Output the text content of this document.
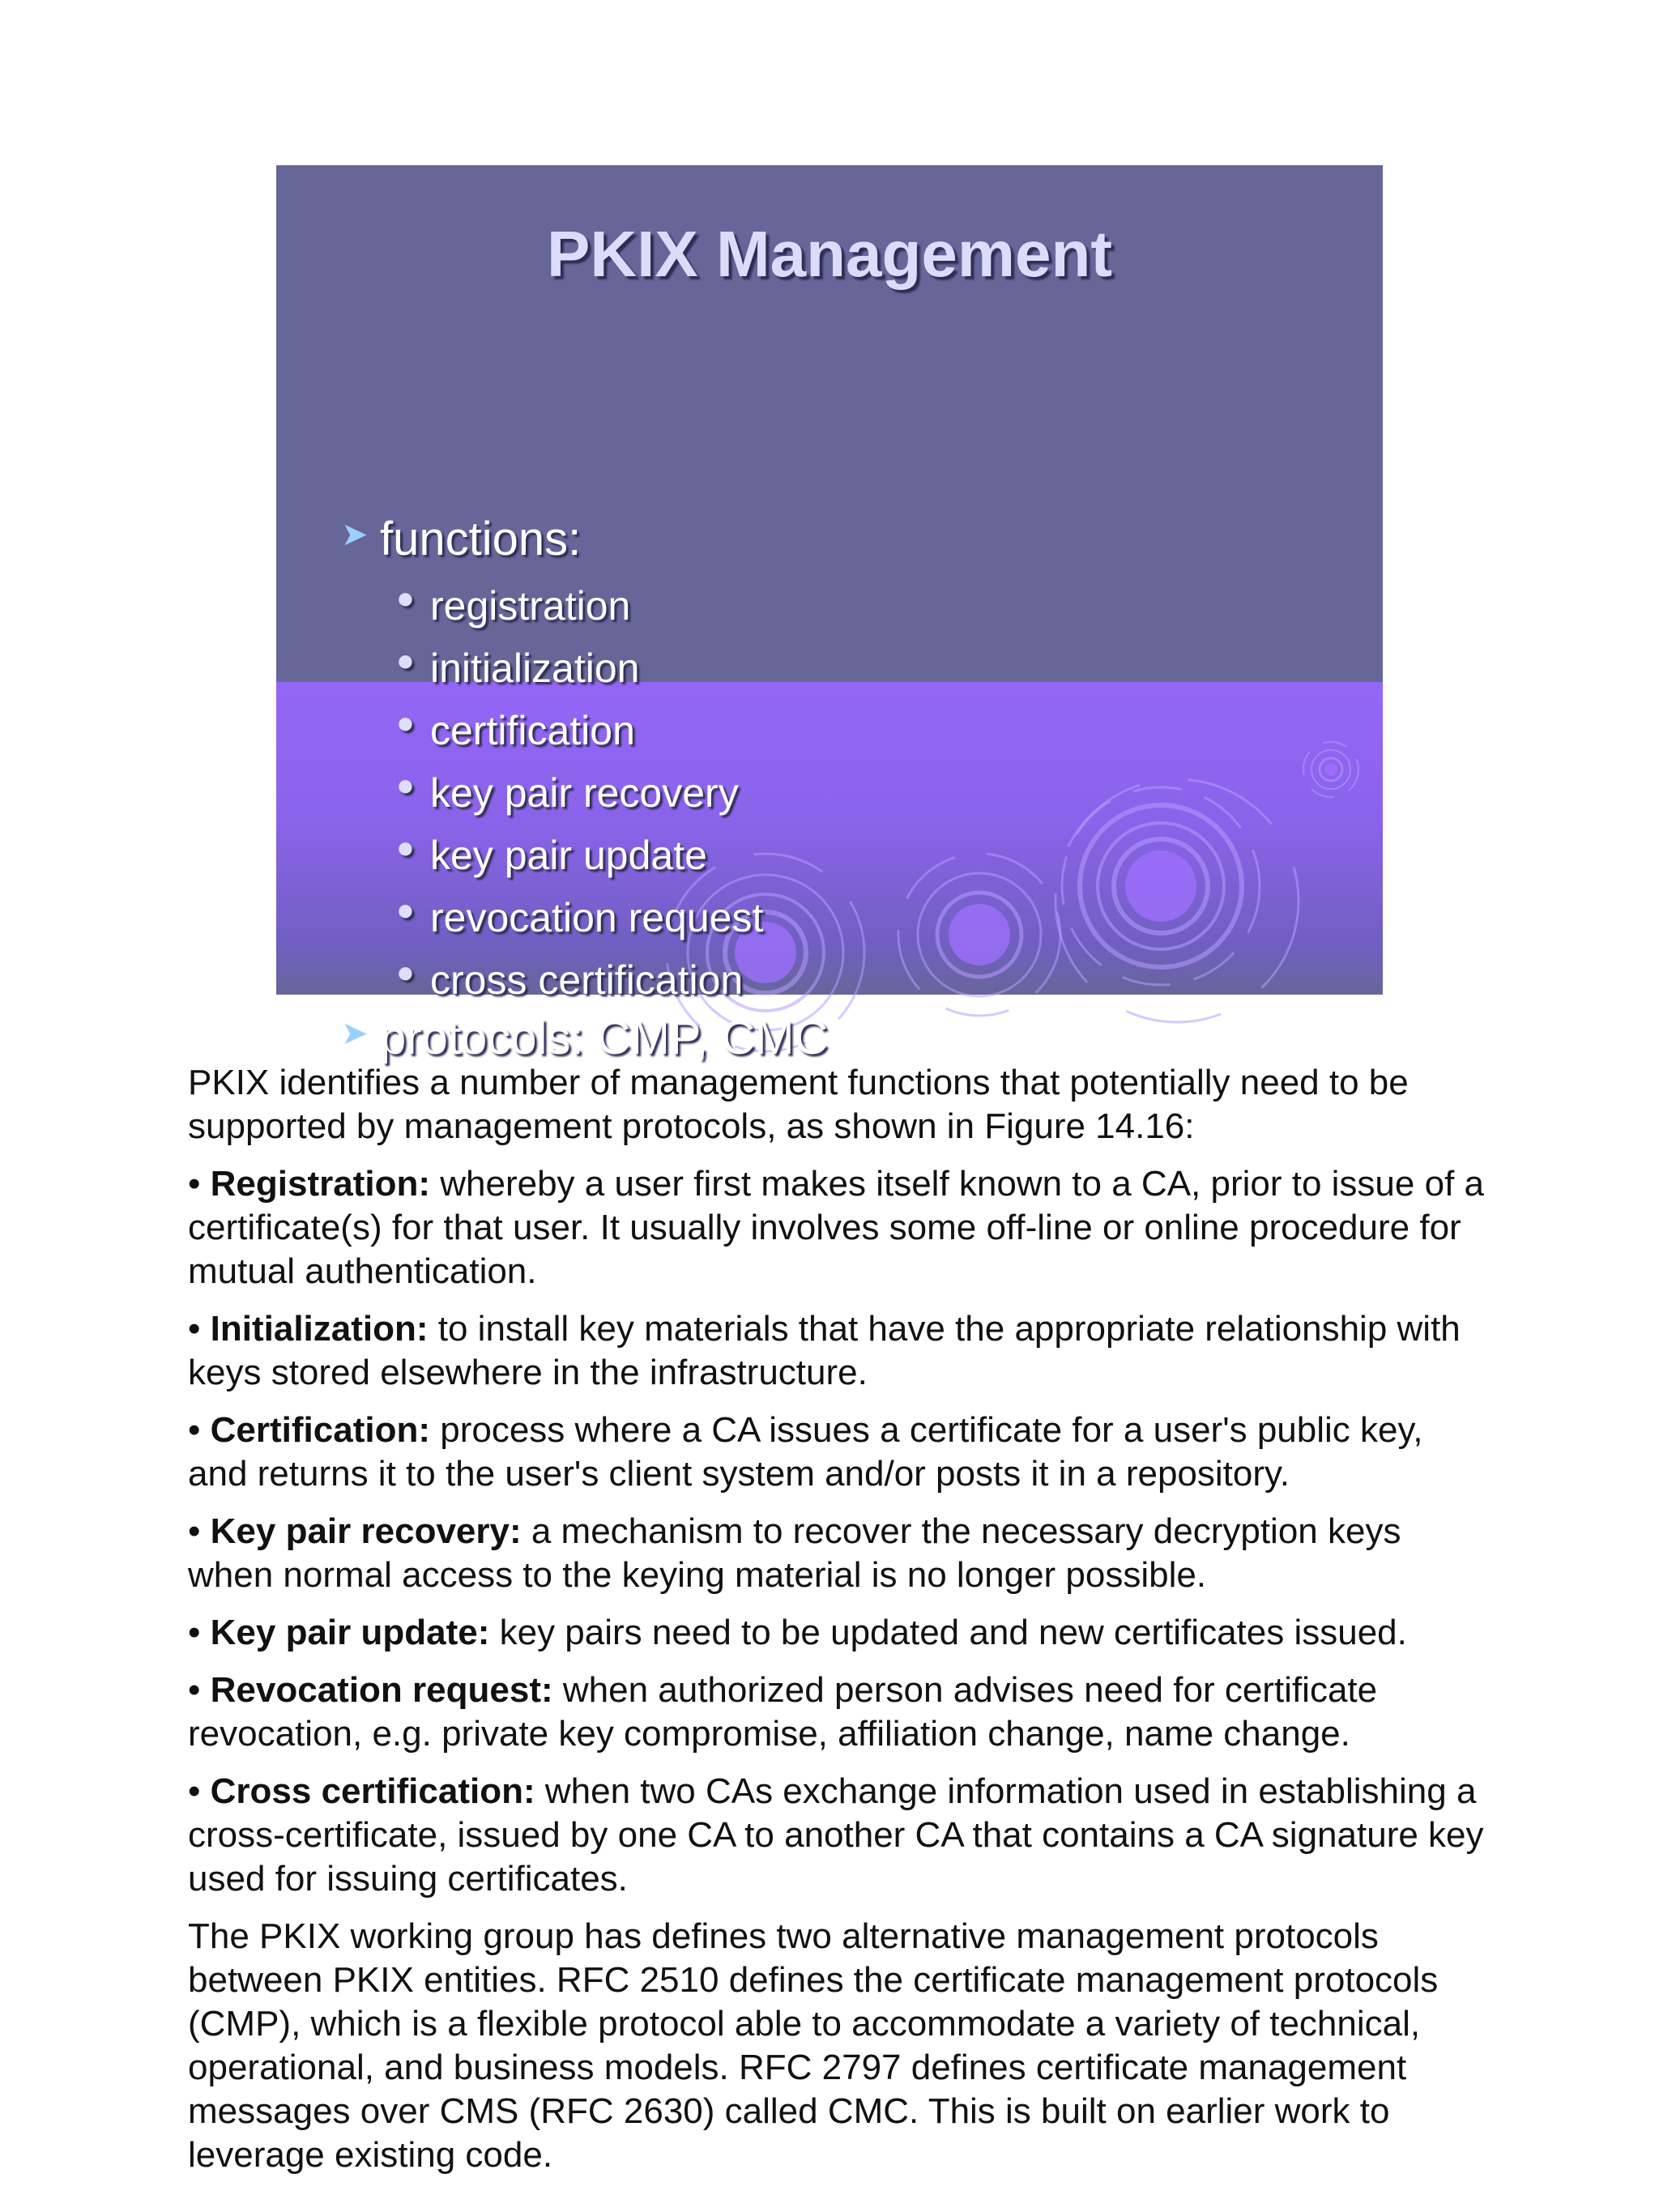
PKIX Management
➤ functions:
● registration
● initialization
● certification
● key pair recovery
● key pair update
● revocation request
● cross certification
➤ protocols: CMP, CMC

PKIX identifies a number of management functions that potentially need to be supported by management protocols, as shown in Figure 14.16:

• Registration: whereby a user first makes itself known to a CA, prior to issue of a certificate(s) for that user. It usually involves some off-line or online procedure for mutual authentication.

• Initialization: to install key materials that have the appropriate relationship with keys stored elsewhere in the infrastructure.

• Certification: process where a CA issues a certificate for a user's public key, and returns it to the user's client system and/or posts it in a repository.

• Key pair recovery: a mechanism to recover the necessary decryption keys when normal access to the keying material is no longer possible.

• Key pair update: key pairs need to be updated and new certificates issued.

• Revocation request: when authorized person advises need for certificate revocation, e.g. private key compromise, affiliation change, name change.

• Cross certification: when two CAs exchange information used in establishing a cross-certificate, issued by one CA to another CA that contains a CA signature key used for issuing certificates.

The PKIX working group has defines two alternative management protocols between PKIX entities. RFC 2510 defines the certificate management protocols (CMP), which is a flexible protocol able to accommodate a variety of technical, operational, and business models. RFC 2797 defines certificate management messages over CMS (RFC 2630) called CMC. This is built on earlier work to leverage existing code.
